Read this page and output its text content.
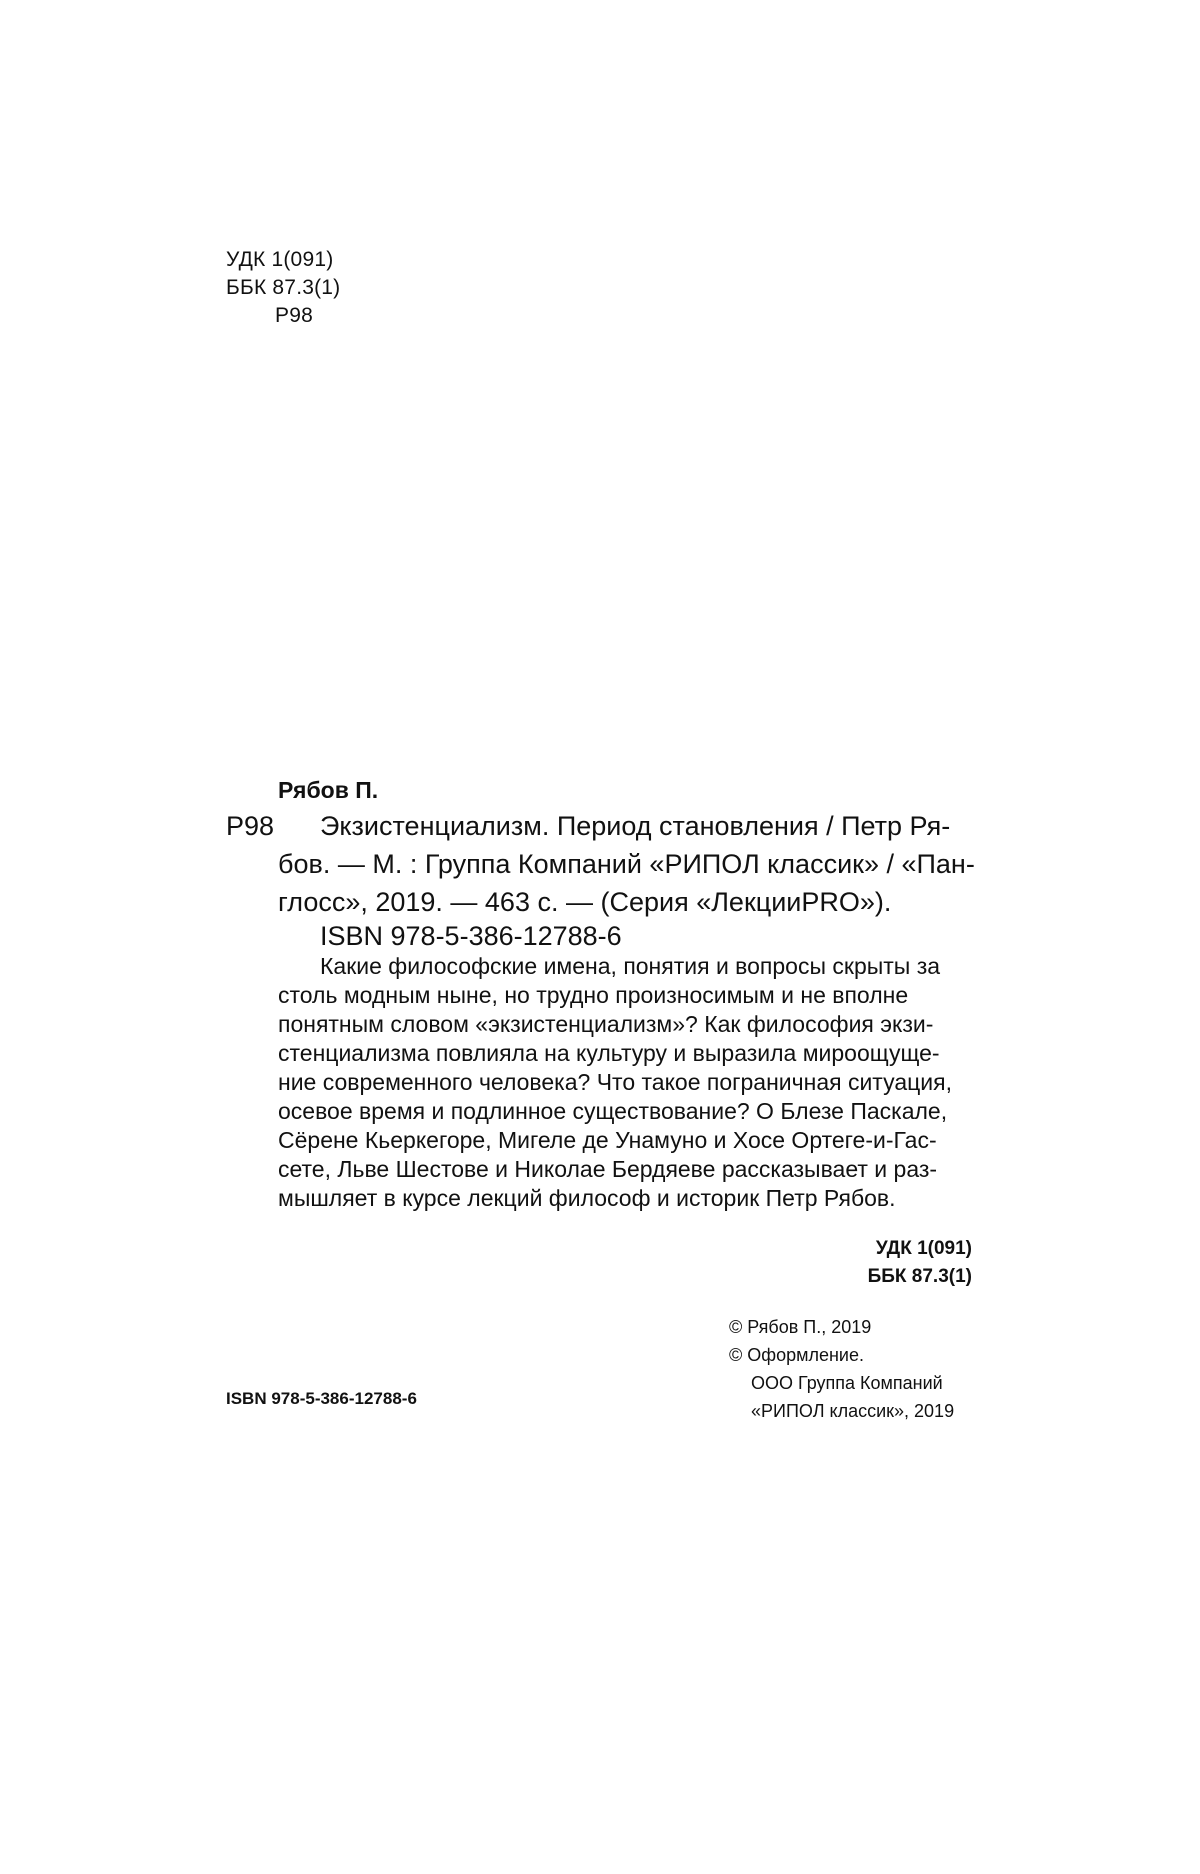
УДК 1(091)
ББК 87.3(1)
Р98
Рябов П.
Р98 Экзистенциализм. Период становления / Петр Ря-
бов. — М. : Группа Компаний «РИПОЛ классик» / «Пан-
глосс», 2019. — 463 с. — (Серия «ЛекцииPRO»).
ISBN 978-5-386-12788-6
Какие философские имена, понятия и вопросы скрыты за
столь модным ныне, но трудно произносимым и не вполне
понятным словом «экзистенциализм»? Как философия экзи-
стенциализма повлияла на культуру и выразила мироощуще-
ние современного человека? Что такое пограничная ситуация,
осевое время и подлинное существование? О Блезе Паскале,
Сёрене Кьеркегоре, Мигеле де Унамуно и Хосе Ортеге-и-Гас-
сете, Льве Шестове и Николае Бердяеве рассказывает и раз-
мышляет в курсе лекций философ и историк Петр Рябов.
УДК 1(091)
ББК 87.3(1)
© Рябов П., 2019
© Оформление.
ООО Группа Компаний
«РИПОЛ классик», 2019
ISBN 978-5-386-12788-6
